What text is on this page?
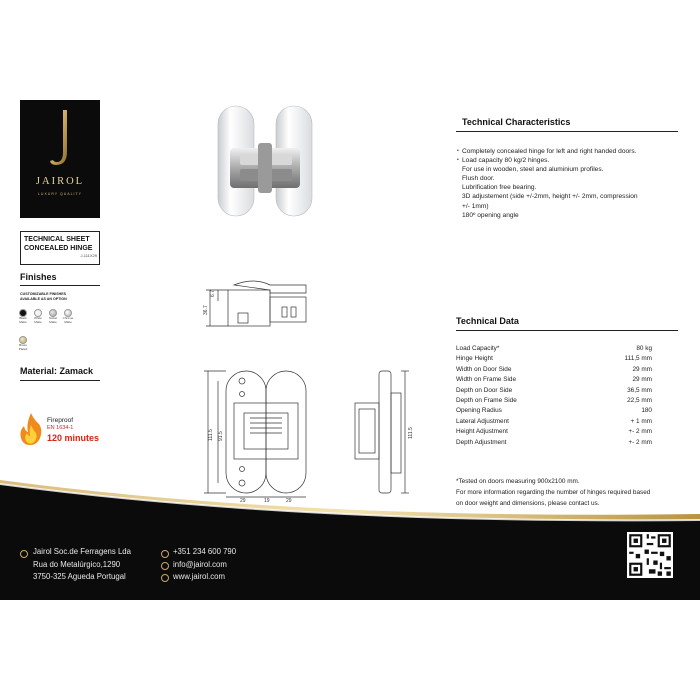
JAIROL
LUXURY QUALITY
TECHNICAL SHEET
CONCEALED HINGE
J-111X29
Finishes
CUSTOMIZABLE FINISHES
AVAILABLE AS AN OPTION
Black
Matte
White
Matte
Nickel
Matte
Chrome
Matte
Brass
Plated
Material: Zamack
Fireproof
EN 1634-1
120 minutes
6.7
36.7
111.5 91.5
29	19	29
111.5
Technical Characteristics
• Completely concealed hinge for left and right handed doors.
• Load capacity 80 kg/2 hinges.
For use in wooden, steel and aluminium profiles.
Flush door.
Lubrification free bearing.
3D adjustement (side +/-2mm, height +/- 2mm, compression
+/- 1mm)
180º opening angle
Technical Data
Load Capacity*	80 kg
Hinge Height	111,5 mm
Width on Door Side	29 mm
Width on Frame Side	29 mm
Depth on Door Side	36,5 mm
Depth on Frame Side	22,5 mm
Opening Radius	180
Lateral Adjustment	+ 1 mm
Height Adjustment	+- 2 mm
Depth Adjustment	+- 2 mm
*Tested on doors measuring 900x2100 mm.
For more information regarding the number of hinges required based
on door weight and dimensions, please contact us.
Jairol Soc.de Ferragens Lda
Rua do Metalúrgico,1290
3750-325 Agueda Portugal
+351 234 600 790
info@jairol.com
www.jairol.com
